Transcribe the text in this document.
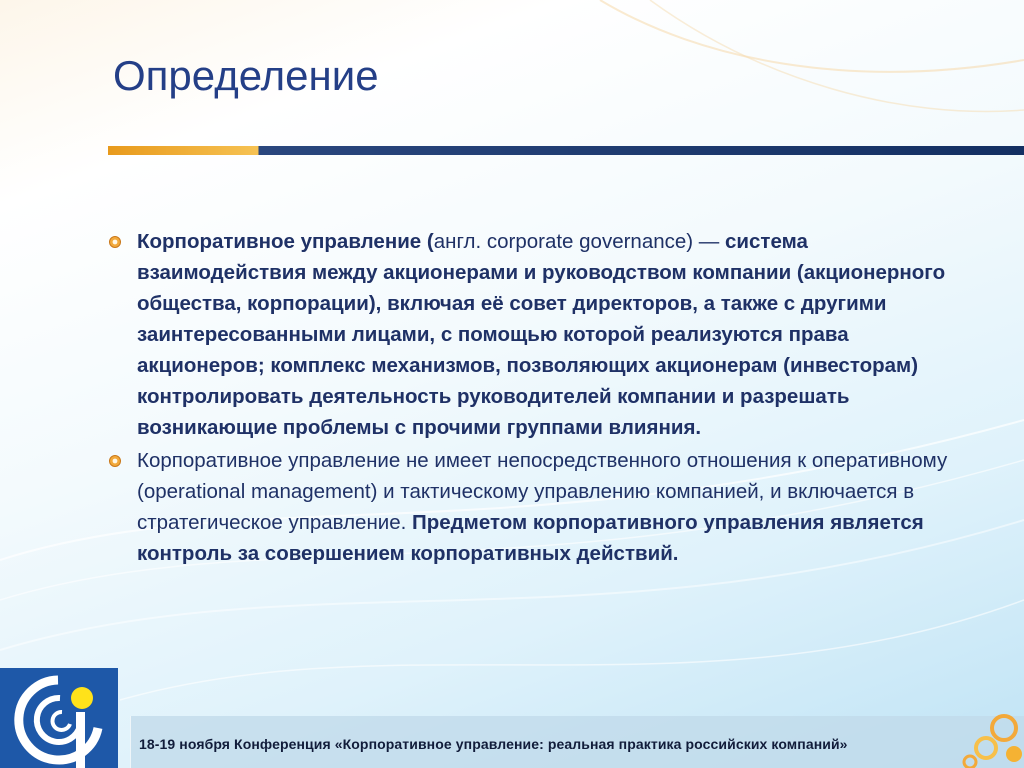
Определение

Корпоративное управление (англ. corporate governance) — система взаимодействия между акционерами и руководством компании (акционерного общества, корпорации), включая её совет директоров, а также с другими заинтересованными лицами, с помощью которой реализуются права акционеров; комплекс механизмов, позволяющих акционерам (инвесторам) контролировать деятельность руководителей компании и разрешать возникающие проблемы с прочими группами влияния.

Корпоративное управление не имеет непосредственного отношения к оперативному (operational management) и тактическому управлению компанией, и включается в стратегическое управление. Предметом корпоративного управления является контроль за совершением корпоративных действий.

18-19 ноября Конференция «Корпоративное управление: реальная практика российских компаний»
